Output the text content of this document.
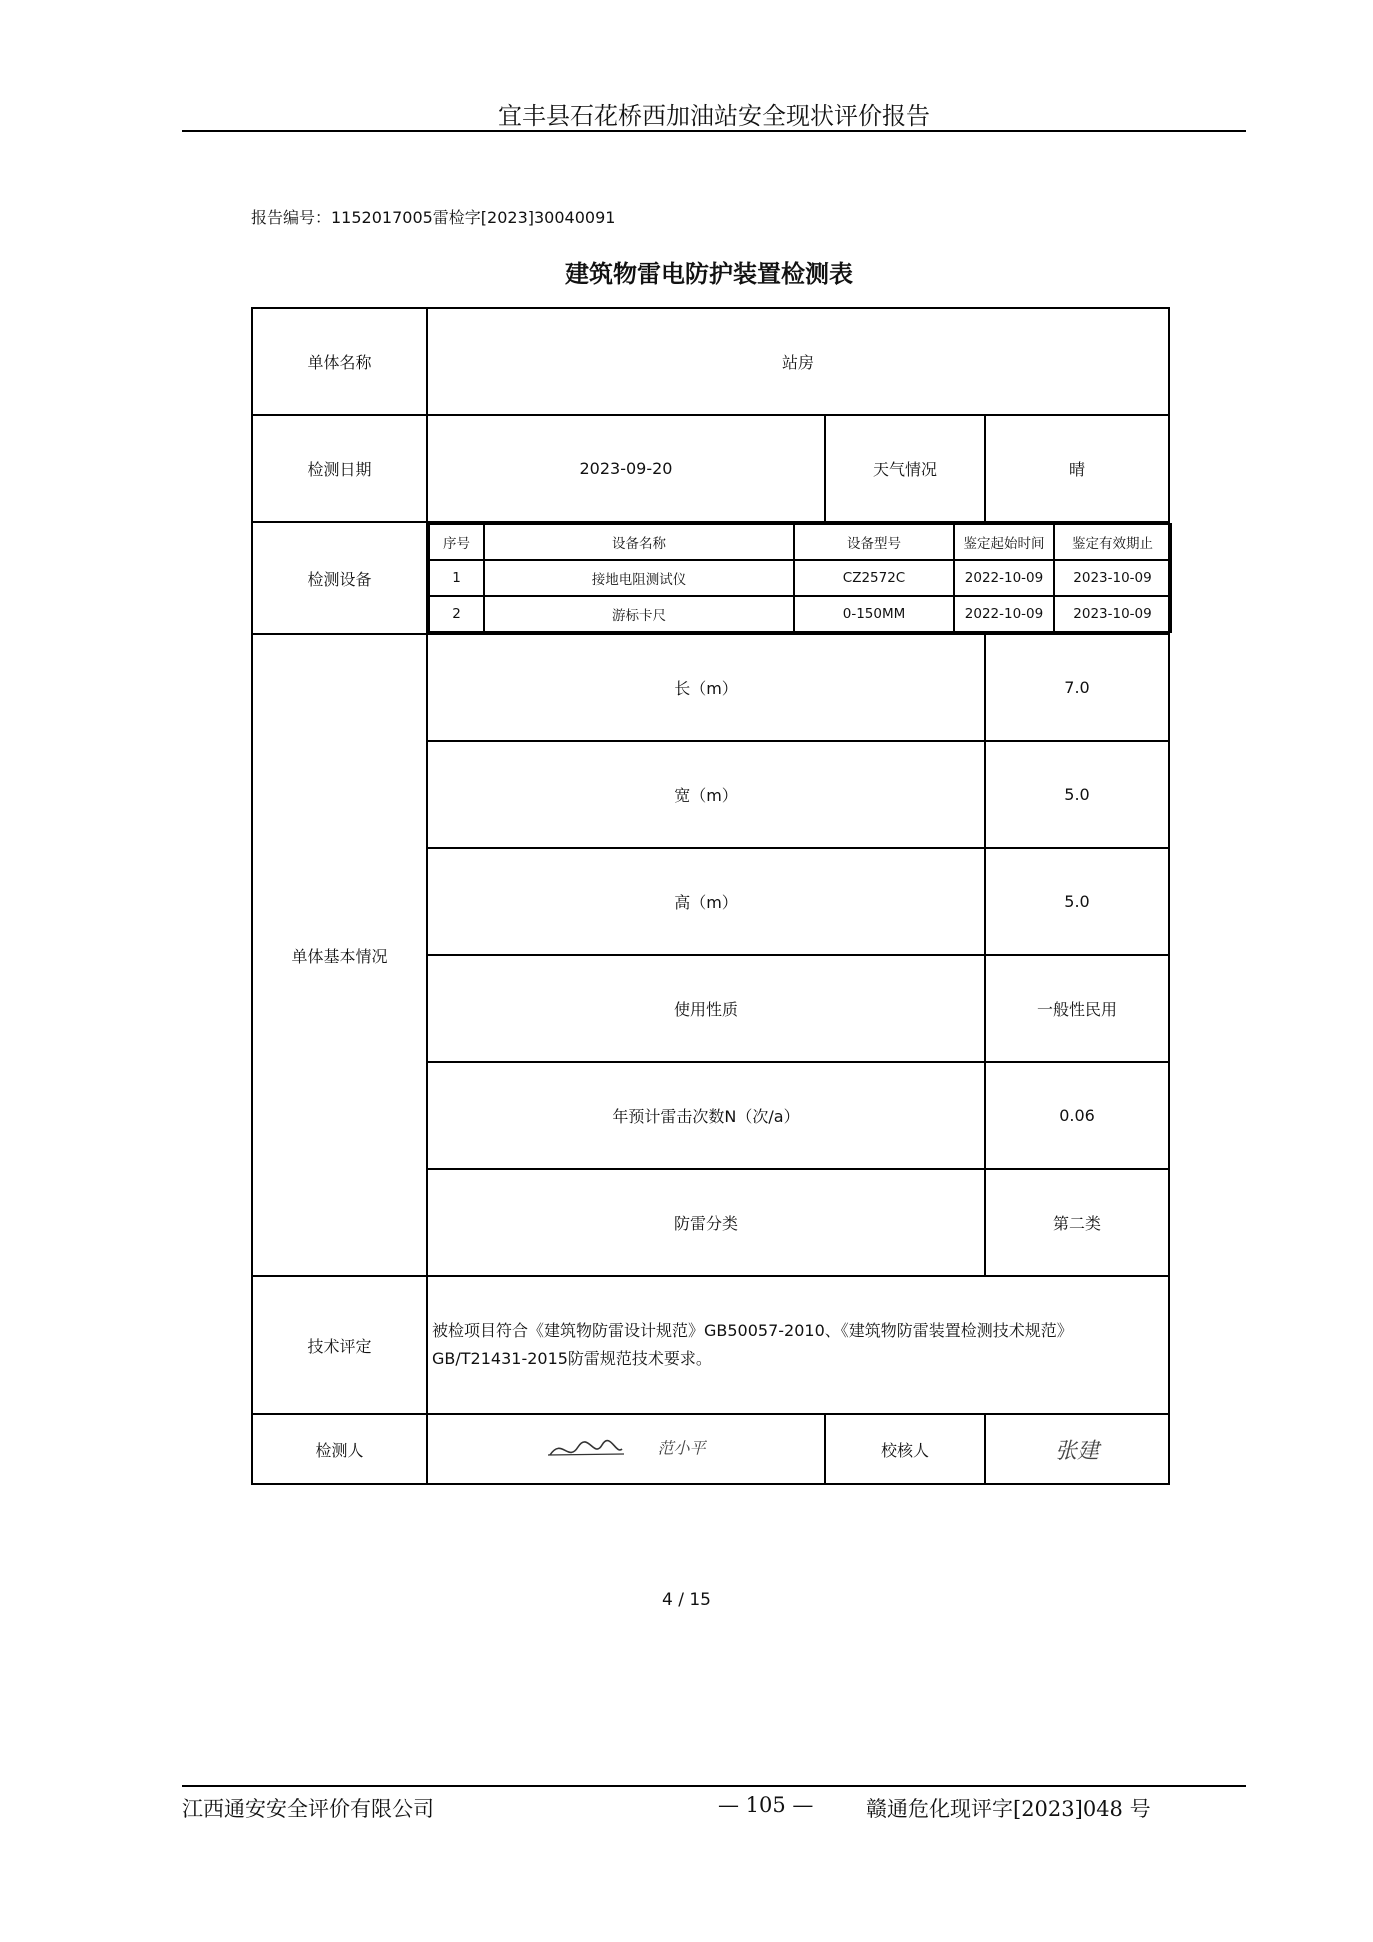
宜丰县石花桥西加油站安全现状评价报告
报告编号：1152017005雷检字[2023]30040091
建筑物雷电防护装置检测表
单体名称	站房
检测日期	2023-09-20	天气情况	晴
检测设备	
序号	设备名称	设备型号	鉴定起始时间	鉴定有效期止
1	接地电阻测试仪	CZ2572C	2022-10-09	2023-10-09
2	游标卡尺	0-150MM	2022-10-09	2023-10-09

单体基本情况	长（m）	7.0
宽（m）	5.0
高（m）	5.0
使用性质	一般性民用
年预计雷击次数N（次/a）	0.06
防雷分类	第二类
技术评定	被检项目符合《建筑物防雷设计规范》GB50057-2010、《建筑物防雷装置检测技术规范》GB/T21431-2015防雷规范技术要求。
检测人	范小平	校核人	张建
4 / 15
江西通安安全评价有限公司	— 105 —	赣通危化现评字[2023]048 号
